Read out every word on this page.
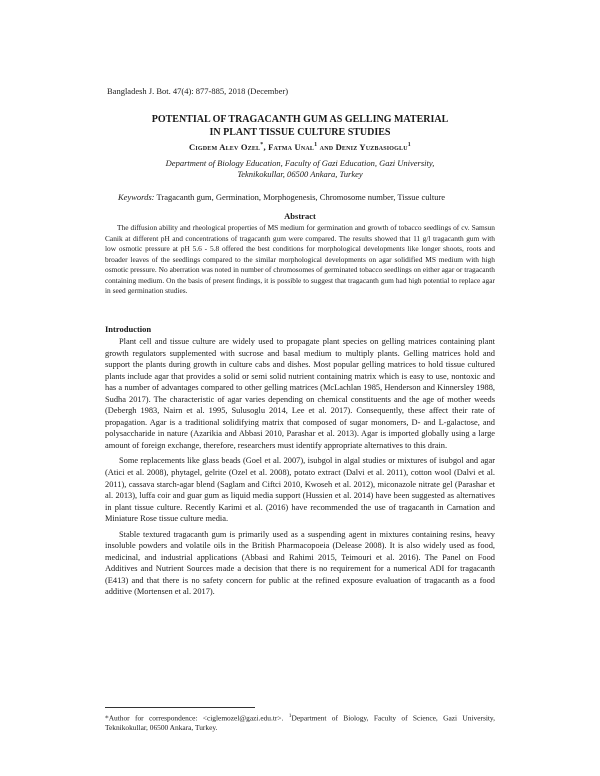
Bangladesh J. Bot. 47(4): 877-885, 2018 (December)
POTENTIAL OF TRAGACANTH GUM AS GELLING MATERIAL
IN PLANT TISSUE CULTURE STUDIES
Cigdem Alev Ozel*, Fatma Unal$^1$ and Deniz Yuzbasioglu$^1$
Department of Biology Education, Faculty of Gazi Education, Gazi University,
Teknikokullar, 06500 Ankara, Turkey
Keywords: Tragacanth gum, Germination, Morphogenesis, Chromosome number, Tissue culture
Abstract
The diffusion ability and rheological properties of MS medium for germination and growth of tobacco seedlings of cv. Samsun Canik at different pH and concentrations of tragacanth gum were compared. The results showed that 11 g/l tragacanth gum with low osmotic pressure at pH 5.6 - 5.8 offered the best conditions for morphological developments like longer shoots, roots and broader leaves of the seedlings compared to the similar morphological developments on agar solidified MS medium with high osmotic pressure. No aberration was noted in number of chromosomes of germinated tobacco seedlings on either agar or tragacanth containing medium. On the basis of present findings, it is possible to suggest that tragacanth gum had high potential to replace agar in seed germination studies.
Introduction

Plant cell and tissue culture are widely used to propagate plant species on gelling matrices containing plant growth regulators supplemented with sucrose and basal medium to multiply plants. Gelling matrices hold and support the plants during growth in culture cabs and dishes. Most popular gelling matrices to hold tissue cultured plants include agar that provides a solid or semi solid nutrient containing matrix which is easy to use, nontoxic and has a number of advantages compared to other gelling matrices (McLachlan 1985, Henderson and Kinnersley 1988, Sudha 2017). The characteristic of agar varies depending on chemical constituents and the age of mother weeds (Debergh 1983, Nairn et al. 1995, Sulusoglu 2014, Lee et al. 2017). Consequently, these affect their rate of propagation. Agar is a traditional solidifying matrix that composed of sugar monomers, D- and L-galactose, and polysaccharide in nature (Azarikia and Abbasi 2010, Parashar et al. 2013). Agar is imported globally using a large amount of foreign exchange, therefore, researchers must identify appropriate alternatives to this drain.

Some replacements like glass beads (Goel et al. 2007), isubgol in algal studies or mixtures of isubgol and agar (Atici et al. 2008), phytagel, gelrite (Ozel et al. 2008), potato extract (Dalvi et al. 2011), cotton wool (Dalvi et al. 2011), cassava starch-agar blend (Saglam and Ciftci 2010, Kwoseh et al. 2012), miconazole nitrate gel (Parashar et al. 2013), luffa coir and guar gum as liquid media support (Hussien et al. 2014) have been suggested as alternatives in plant tissue culture. Recently Karimi et al. (2016) have recommended the use of tragacanth in Carnation and Miniature Rose tissue culture media.

Stable textured tragacanth gum is primarily used as a suspending agent in mixtures containing resins, heavy insoluble powders and volatile oils in the British Pharmacopoeia (Delease 2008). It is also widely used as food, medicinal, and industrial applications (Abbasi and Rahimi 2015, Teimouri et al. 2016). The Panel on Food Additives and Nutrient Sources made a decision that there is no requirement for a numerical ADI for tragacanth (E413) and that there is no safety concern for public at the refined exposure evaluation of tragacanth as a food additive (Mortensen et al. 2017).

*Author for correspondence: <ciglemozel@gazi.edu.tr>. $^1$Department of Biology, Faculty of Science, Gazi University, Teknikokullar, 06500 Ankara, Turkey.
